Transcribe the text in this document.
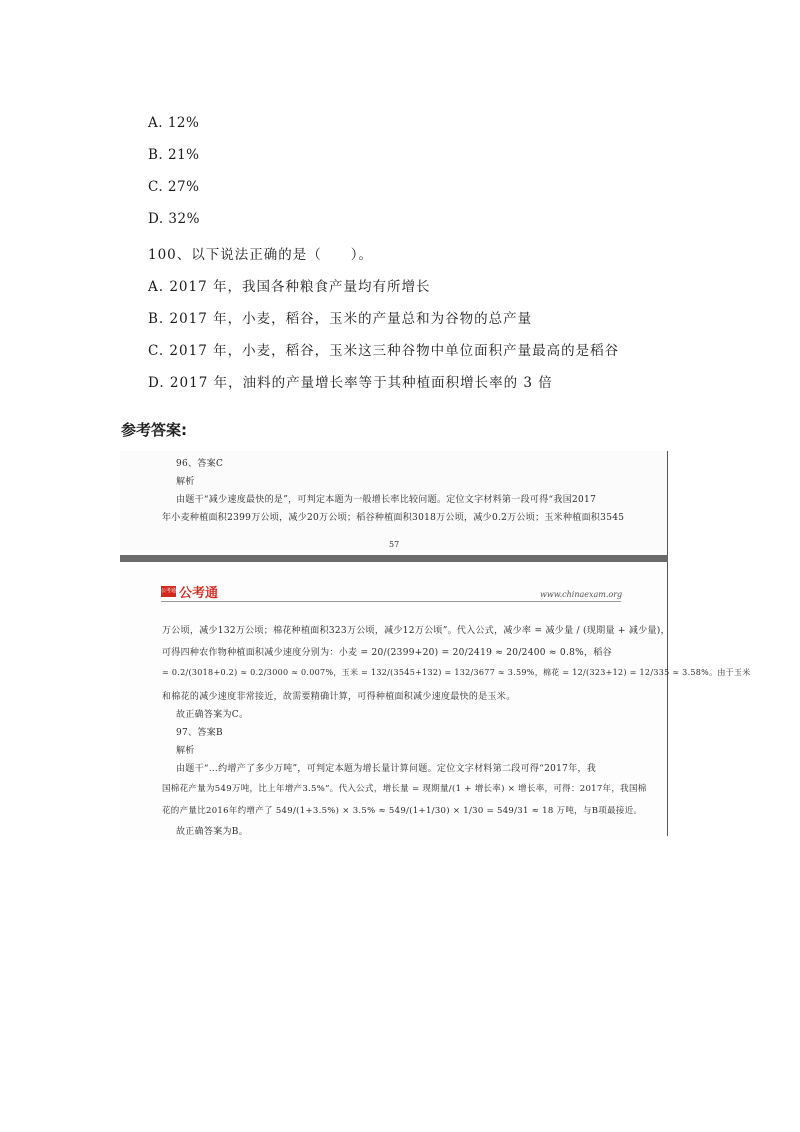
A. 12%
B. 21%
C. 27%
D. 32%
100、以下说法正确的是（　　）。
A. 2017 年，我国各种粮食产量均有所增长
B. 2017 年，小麦，稻谷，玉米的产量总和为谷物的总产量
C. 2017 年，小麦，稻谷，玉米这三种谷物中单位面积产量最高的是稻谷
D. 2017 年，油料的产量增长率等于其种植面积增长率的 3 倍
参考答案:
96、答案C
解析
由题干“减少速度最快的是”，可判定本题为一般增长率比较问题。定位文字材料第一段可得“我国2017
年小麦种植面积2399万公顷，减少20万公顷；稻谷种植面积3018万公顷，减少0.2万公顷；玉米种植面积3545
57
公考通 公考通	www.chinaexam.org
万公顷，减少132万公顷；棉花种植面积323万公顷，减少12万公顷”。代入公式，减少率 = 减少量 / (现期量 + 减少量)，
可得四种农作物种植面积减少速度分别为：小麦 = 20/(2399+20) = 20/2419 ≈ 20/2400 ≈ 0.8%，稻谷
= 0.2/(3018+0.2) ≈ 0.2/3000 ≈ 0.007%，玉米 = 132/(3545+132) = 132/3677 ≈ 3.59%，棉花 = 12/(323+12) = 12/335 ≈ 3.58%。由于玉米
和棉花的减少速度非常接近，故需要精确计算，可得种植面积减少速度最快的是玉米。
故正确答案为C。
97、答案B
解析
由题干“…约增产了多少万吨”，可判定本题为增长量计算问题。定位文字材料第二段可得“2017年，我
国棉花产量为549万吨，比上年增产3.5%”。代入公式，增长量 = 现期量/(1 + 增长率) × 增长率，可得：2017年，我国棉
花的产量比2016年约增产了 549/(1+3.5%) × 3.5% ≈ 549/(1+1/30) × 1/30 = 549/31 ≈ 18 万吨，与B项最接近。
故正确答案为B。
